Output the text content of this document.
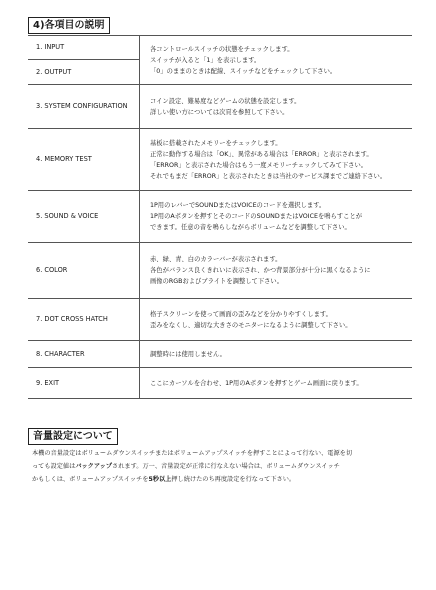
4)各項目の説明
1. INPUT	各コントロールスイッチの状態をチェックします。
スイッチが入ると「1」を表示します。
「0」のままのときは配線、スイッチなどをチェックして下さい。

2. OUTPUT	
3. SYSTEM CONFIGURATION	コイン設定、難易度などゲームの状態を設定します。
詳しい使い方については次頁を参照して下さい。

4. MEMORY TEST	基板に搭載されたメモリーをチェックします。
正常に動作する場合は「OK」、異常がある場合は「ERROR」と表示されます。
「ERROR」と表示された場合はもう一度メモリーチェックしてみて下さい。
それでもまだ「ERROR」と表示されたときは当社のサービス課までご連絡下さい。

5. SOUND & VOICE	1P用のレバーでSOUNDまたはVOICEのコードを選択します。
1P用のAボタンを押すとそのコードのSOUNDまたはVOICEを鳴らすことが
できます。任意の音を鳴らしながらボリュームなどを調整して下さい。

6. COLOR	赤、緑、青、白のカラーバーが表示されます。
各色がバランス良くきれいに表示され、かつ背景部分が十分に黒くなるように
画像のRGBおよびブライトを調整して下さい。

7. DOT CROSS HATCH	格子スクリーンを使って画面の歪みなどを分かりやすくします。
歪みをなくし、適切な大きさのモニターになるように調整して下さい。

8. CHARACTER	調整時には使用しません。

9. EXIT	ここにカーソルを合わせ、1P用のAボタンを押すとゲーム画面に戻ります。
音量設定について
本機の音量設定はボリュームダウンスイッチまたはボリュームアップスイッチを押すことによって行ない、電源を切
っても設定値はバックアップされます。万一、音量設定が正常に行なえない場合は、ボリュームダウンスイッチ
かもしくは、ボリュームアップスイッチを5秒以上押し続けたのち再度設定を行なって下さい。
